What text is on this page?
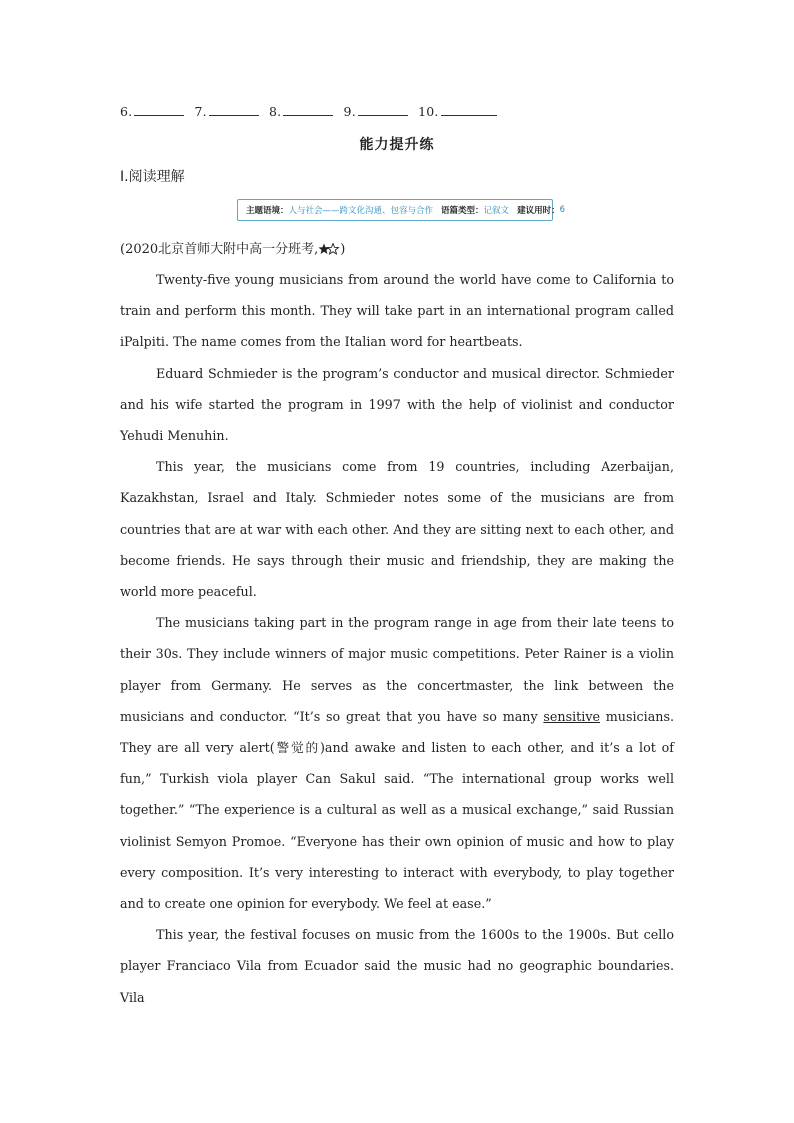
6.	7.	8.	9.	10.
能力提升练
Ⅰ.阅读理解
主题语境： 人与社会——跨文化沟通、包容与合作 语篇类型： 记叙文 建议用时： 6
(2020北京首师大附中高一分班考, )

Twenty-five young musicians from around the world have come to California to train and perform this month. They will take part in an international program called iPalpiti. The name comes from the Italian word for heartbeats.

Eduard Schmieder is the program’s conductor and musical director. Schmieder and his wife started the program in 1997 with the help of violinist and conductor Yehudi Menuhin.

This year, the musicians come from 19 countries, including Azerbaijan, Kazakhstan, Israel and Italy. Schmieder notes some of the musicians are from countries that are at war with each other. And they are sitting next to each other, and become friends. He says through their music and friendship, they are making the world more peaceful.

The musicians taking part in the program range in age from their late teens to their 30s. They include winners of major music competitions. Peter Rainer is a violin player from Germany. He serves as the concertmaster, the link between the musicians and conductor. “It’s so great that you have so many sensitive musicians. They are all very alert(警觉的)and awake and listen to each other, and it’s a lot of fun,” Turkish viola player Can Sakul said. “The international group works well together.” “The experience is a cultural as well as a musical exchange,” said Russian violinist Semyon Promoe. “Everyone has their own opinion of music and how to play every composition. It’s very interesting to interact with everybody, to play together and to create one opinion for everybody. We feel at ease.”

This year, the festival focuses on music from the 1600s to the 1900s. But cello player Franciaco Vila from Ecuador said the music had no geographic boundaries. Vila
